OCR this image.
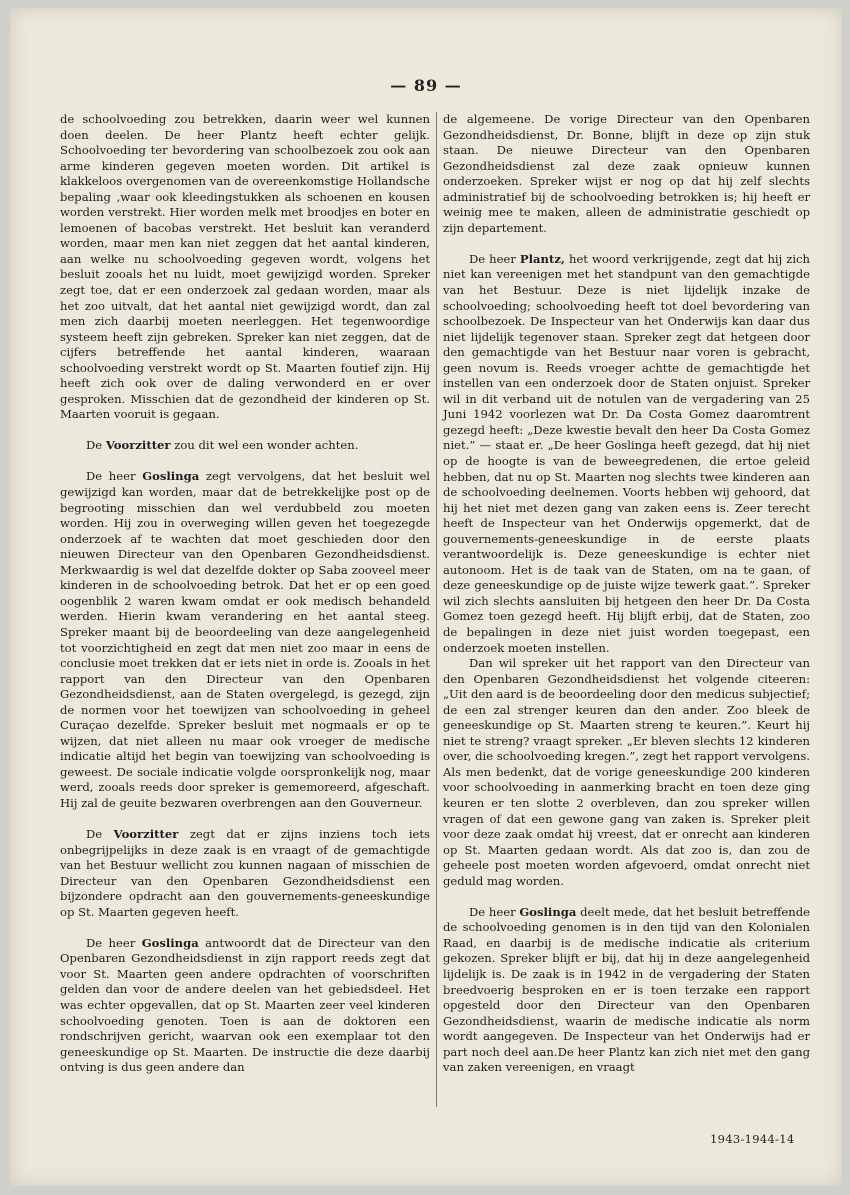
— 89 —

de schoolvoeding zou betrekken, daarin weer wel kunnen doen deelen. De heer Plantz heeft echter gelijk. Schoolvoeding ter bevordering van schoolbezoek zou ook aan arme kinderen gegeven moeten worden. Dit artikel is klakkeloos overgenomen van de overeenkomstige Hollandsche bepaling ,waar ook kleedingstukken als schoenen en kousen worden verstrekt. Hier worden melk met broodjes en boter en lemoenen of bacobas verstrekt. Het besluit kan veranderd worden, maar men kan niet zeggen dat het aantal kinderen, aan welke nu schoolvoeding gegeven wordt, volgens het besluit zooals het nu luidt, moet gewijzigd worden. Spreker zegt toe, dat er een onderzoek zal gedaan worden, maar als het zoo uitvalt, dat het aantal niet gewijzigd wordt, dan zal men zich daarbij moeten neerleggen. Het tegenwoordige systeem heeft zijn gebreken. Spreker kan niet zeggen, dat de cijfers betreffende het aantal kinderen, waaraan schoolvoeding verstrekt wordt op St. Maarten foutief zijn. Hij heeft zich ook over de daling verwonderd en er over gesproken. Misschien dat de gezondheid der kinderen op St. Maarten vooruit is gegaan.

De Voorzitter zou dit wel een wonder achten.

De heer Goslinga zegt vervolgens, dat het besluit wel gewijzigd kan worden, maar dat de betrekkelijke post op de begrooting misschien dan wel verdubbeld zou moeten worden. Hij zou in overweging willen geven het toegezegde onderzoek af te wachten dat moet geschieden door den nieuwen Directeur van den Openbaren Gezondheidsdienst. Merkwaardig is wel dat dezelfde dokter op Saba zooveel meer kinderen in de schoolvoeding betrok. Dat het er op een goed oogenblik 2 waren kwam omdat er ook medisch behandeld werden. Hierin kwam verandering en het aantal steeg. Spreker maant bij de beoordeeling van deze aangelegenheid tot voorzichtigheid en zegt dat men niet zoo maar in eens de conclusie moet trekken dat er iets niet in orde is. Zooals in het rapport van den Directeur van den Openbaren Gezondheidsdienst, aan de Staten overgelegd, is gezegd, zijn de normen voor het toewijzen van schoolvoeding in geheel Curaçao dezelfde. Spreker besluit met nogmaals er op te wijzen, dat niet alleen nu maar ook vroeger de medische indicatie altijd het begin van toewijzing van schoolvoeding is geweest. De sociale indicatie volgde oorspronkelijk nog, maar werd, zooals reeds door spreker is gememoreerd, afgeschaft. Hij zal de geuite bezwaren overbrengen aan den Gouverneur.

De Voorzitter zegt dat er zijns inziens toch iets onbegrijpelijks in deze zaak is en vraagt of de gemachtigde van het Bestuur wellicht zou kunnen nagaan of misschien de Directeur van den Openbaren Gezondheidsdienst een bijzondere opdracht aan den gouvernements-geneeskundige op St. Maarten gegeven heeft.

De heer Goslinga antwoordt dat de Directeur van den Openbaren Gezondheidsdienst in zijn rapport reeds zegt dat voor St. Maarten geen andere opdrachten of voorschriften gelden dan voor de andere deelen van het gebiedsdeel. Het was echter opgevallen, dat op St. Maarten zeer veel kinderen schoolvoeding genoten. Toen is aan de doktoren een rondschrijven gericht, waarvan ook een exemplaar tot den geneeskundige op St. Maarten. De instructie die deze daarbij ontving is dus geen andere dan

de algemeene. De vorige Directeur van den Openbaren Gezondheidsdienst, Dr. Bonne, blijft in deze op zijn stuk staan. De nieuwe Directeur van den Openbaren Gezondheidsdienst zal deze zaak opnieuw kunnen onderzoeken. Spreker wijst er nog op dat hij zelf slechts administratief bij de schoolvoeding betrokken is; hij heeft er weinig mee te maken, alleen de administratie geschiedt op zijn departement.

De heer Plantz, het woord verkrijgende, zegt dat hij zich niet kan vereenigen met het standpunt van den gemachtigde van het Bestuur. Deze is niet lijdelijk inzake de schoolvoeding; schoolvoeding heeft tot doel bevordering van schoolbezoek. De Inspecteur van het Onderwijs kan daar dus niet lijdelijk tegenover staan. Spreker zegt dat hetgeen door den gemachtigde van het Bestuur naar voren is gebracht, geen novum is. Reeds vroeger achtte de gemachtigde het instellen van een onderzoek door de Staten onjuist. Spreker wil in dit verband uit de notulen van de vergadering van 25 Juni 1942 voorlezen wat Dr. Da Costa Gomez daaromtrent gezegd heeft: „Deze kwestie bevalt den heer Da Costa Gomez niet.” — staat er. „De heer Goslinga heeft gezegd, dat hij niet op de hoogte is van de beweegredenen, die ertoe geleid hebben, dat nu op St. Maarten nog slechts twee kinderen aan de schoolvoeding deelnemen. Voorts hebben wij gehoord, dat hij het niet met dezen gang van zaken eens is. Zeer terecht heeft de Inspecteur van het Onderwijs opgemerkt, dat de gouvernements-geneeskundige in de eerste plaats verantwoordelijk is. Deze geneeskundige is echter niet autonoom. Het is de taak van de Staten, om na te gaan, of deze geneeskundige op de juiste wijze tewerk gaat.”. Spreker wil zich slechts aansluiten bij hetgeen den heer Dr. Da Costa Gomez toen gezegd heeft. Hij blijft erbij, dat de Staten, zoo de bepalingen in deze niet juist worden toegepast, een onderzoek moeten instellen.

Dan wil spreker uit het rapport van den Directeur van den Openbaren Gezondheidsdienst het volgende citeeren: „Uit den aard is de beoordeeling door den medicus subjectief; de een zal strenger keuren dan den ander. Zoo bleek de geneeskundige op St. Maarten streng te keuren.”. Keurt hij niet te streng? vraagt spreker. „Er bleven slechts 12 kinderen over, die schoolvoeding kregen.”, zegt het rapport vervolgens. Als men bedenkt, dat de vorige geneeskundige 200 kinderen voor schoolvoeding in aanmerking bracht en toen deze ging keuren er ten slotte 2 overbleven, dan zou spreker willen vragen of dat een gewone gang van zaken is. Spreker pleit voor deze zaak omdat hij vreest, dat er onrecht aan kinderen op St. Maarten gedaan wordt. Als dat zoo is, dan zou de geheele post moeten worden afgevoerd, omdat onrecht niet geduld mag worden.

De heer Goslinga deelt mede, dat het besluit betreffende de schoolvoeding genomen is in den tijd van den Kolonialen Raad, en daarbij is de medische indicatie als criterium gekozen. Spreker blijft er bij, dat hij in deze aangelegenheid lijdelijk is. De zaak is in 1942 in de vergadering der Staten breedvoerig besproken en er is toen terzake een rapport opgesteld door den Directeur van den Openbaren Gezondheidsdienst, waarin de medische indicatie als norm wordt aangegeven. De Inspecteur van het Onderwijs had er part noch deel aan.De heer Plantz kan zich niet met den gang van zaken vereenigen, en vraagt

1943-1944-14
